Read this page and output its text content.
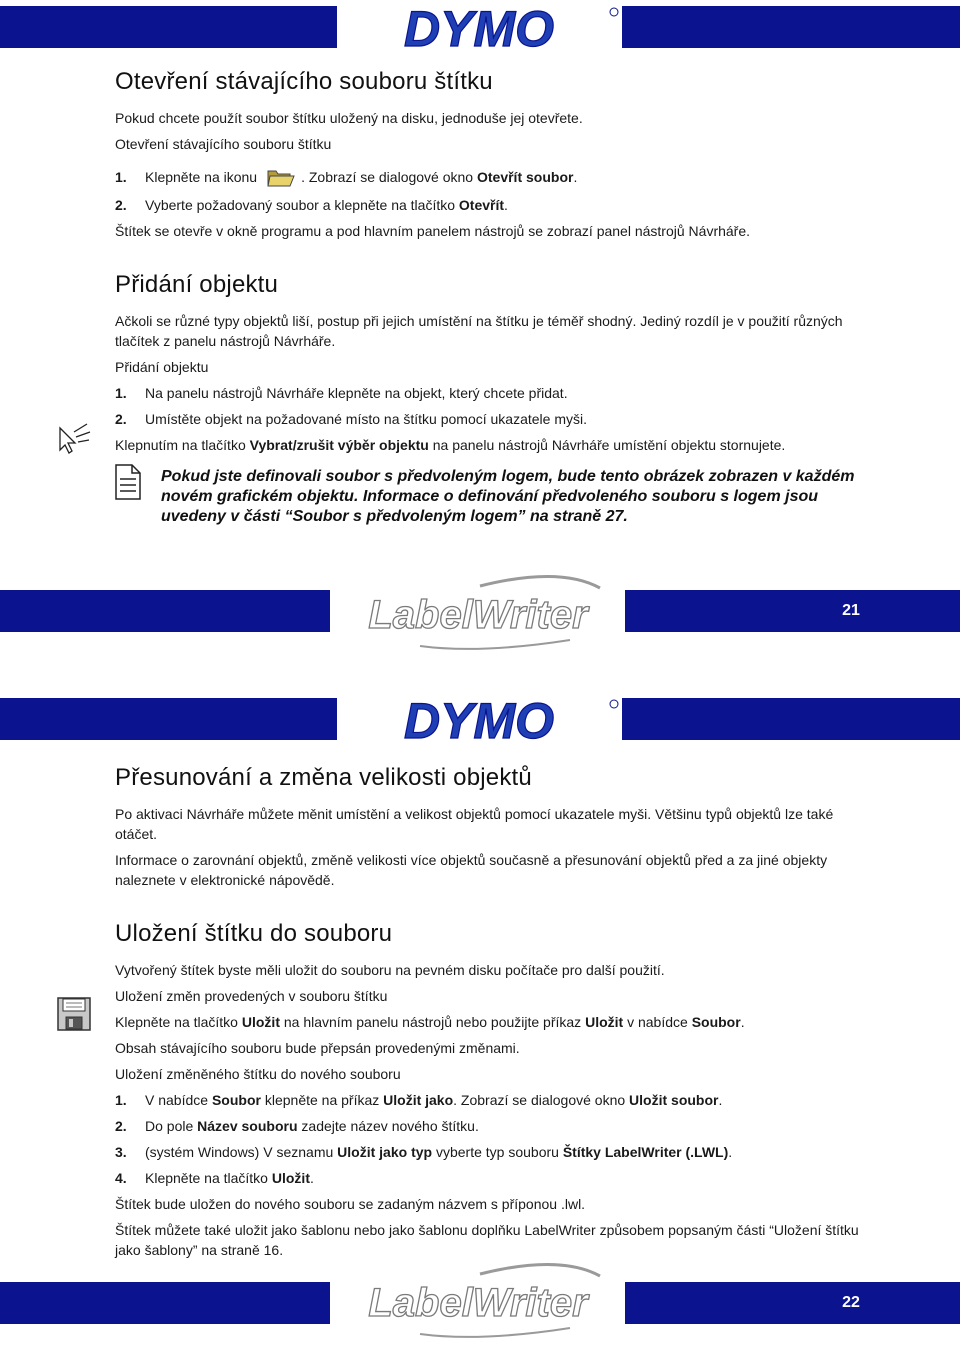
DYMO
Otevření stávajícího souboru štítku

Pokud chcete použít soubor štítku uložený na disku, jednoduše jej otevřete.

Otevření stávajícího souboru štítku

1.	Klepněte na ikonu	. Zobrazí se dialogové okno
Otevřít soubor .
2.	Vyberte požadovaný soubor a klepněte na tlačítko Otevřít.

Štítek se otevře v okně programu a pod hlavním panelem nástrojů se zobrazí panel nástrojů Návrháře.

Přidání objektu

Ačkoli se různé typy objektů liší, postup při jejich umístění na štítku je téměř shodný. Jediný rozdíl je v použití různých tlačítek z panelu nástrojů Návrháře.

Přidání objektu

1.	Na panelu nástrojů Návrháře klepněte na objekt, který chcete přidat.
2.	Umístěte objekt na požadované místo na štítku pomocí ukazatele myši.

Klepnutím na tlačítko Vybrat/zrušit výběr objektu na panelu nástrojů Návrháře umístění objektu stornujete.

Pokud jste definovali soubor s předvoleným logem, bude tento obrázek zobrazen v každém novém grafickém objektu. Informace o definování předvoleného souboru s logem jsou uvedeny v části “Soubor s předvoleným logem” na straně 27.
LabelWriter	21
DYMO
Přesunování a změna velikosti objektů

Po aktivaci Návrháře můžete měnit umístění a velikost objektů pomocí ukazatele myši. Většinu typů objektů lze také otáčet.

Informace o zarovnání objektů, změně velikosti více objektů současně a přesunování objektů před a za jiné objekty naleznete v elektronické nápovědě.

Uložení štítku do souboru

Vytvořený štítek byste měli uložit do souboru na pevném disku počítače pro další použití.

Uložení změn provedených v souboru štítku

Klepněte na tlačítko Uložit na hlavním panelu nástrojů nebo použijte příkaz Uložit v nabídce Soubor.

Obsah stávajícího souboru bude přepsán provedenými změnami.

Uložení změněného štítku do nového souboru

1.	V nabídce Soubor klepněte na příkaz Uložit jako. Zobrazí se dialogové okno Uložit soubor.
2.	Do pole Název souboru zadejte název nového štítku.
3.	(systém Windows) V seznamu Uložit jako typ vyberte typ souboru Štítky LabelWriter (.LWL).
4.	Klepněte na tlačítko Uložit.

Štítek bude uložen do nového souboru se zadaným názvem s příponou .lwl.

Štítek můžete také uložit jako šablonu nebo jako šablonu doplňku LabelWriter způsobem popsaným části “Uložení štítku jako šablony” na straně 16.

LabelWriter	22
